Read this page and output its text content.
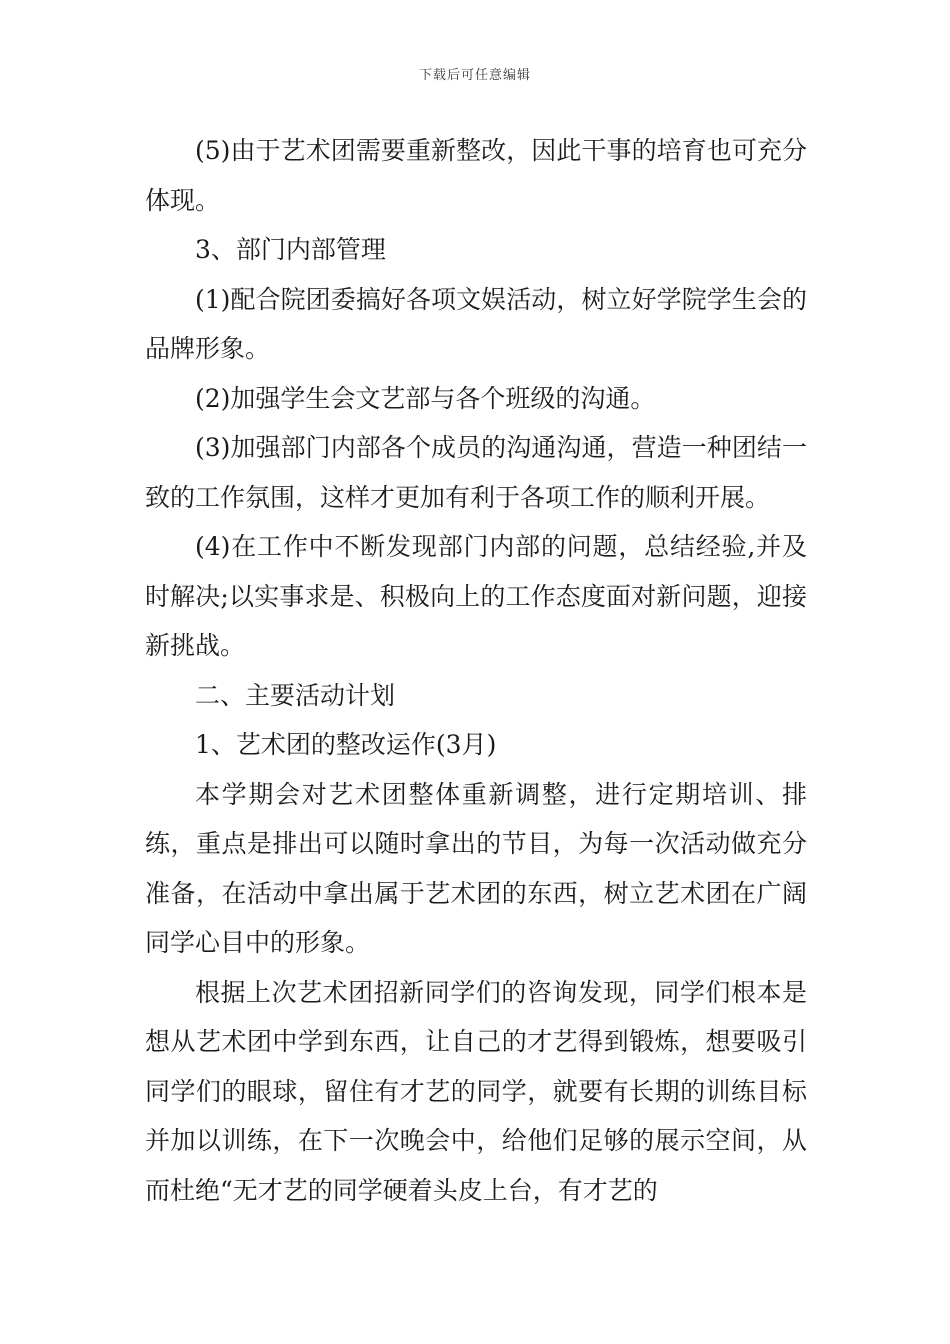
下载后可任意编辑

(5)由于艺术团需要重新整改，因此干事的培育也可充分体现。

3、部门内部管理

(1)配合院团委搞好各项文娱活动，树立好学院学生会的品牌形象。

(2)加强学生会文艺部与各个班级的沟通。

(3)加强部门内部各个成员的沟通沟通，营造一种团结一致的工作氛围，这样才更加有利于各项工作的顺利开展。

(4)在工作中不断发现部门内部的问题，总结经验,并及时解决;以实事求是、积极向上的工作态度面对新问题，迎接新挑战。

二、主要活动计划

1、艺术团的整改运作(3月)

本学期会对艺术团整体重新调整，进行定期培训、排练，重点是排出可以随时拿出的节目，为每一次活动做充分准备，在活动中拿出属于艺术团的东西，树立艺术团在广阔同学心目中的形象。

根据上次艺术团招新同学们的咨询发现，同学们根本是想从艺术团中学到东西，让自己的才艺得到锻炼，想要吸引同学们的眼球，留住有才艺的同学，就要有长期的训练目标并加以训练，在下一次晚会中，给他们足够的展示空间，从而杜绝“无才艺的同学硬着头皮上台，有才艺的
